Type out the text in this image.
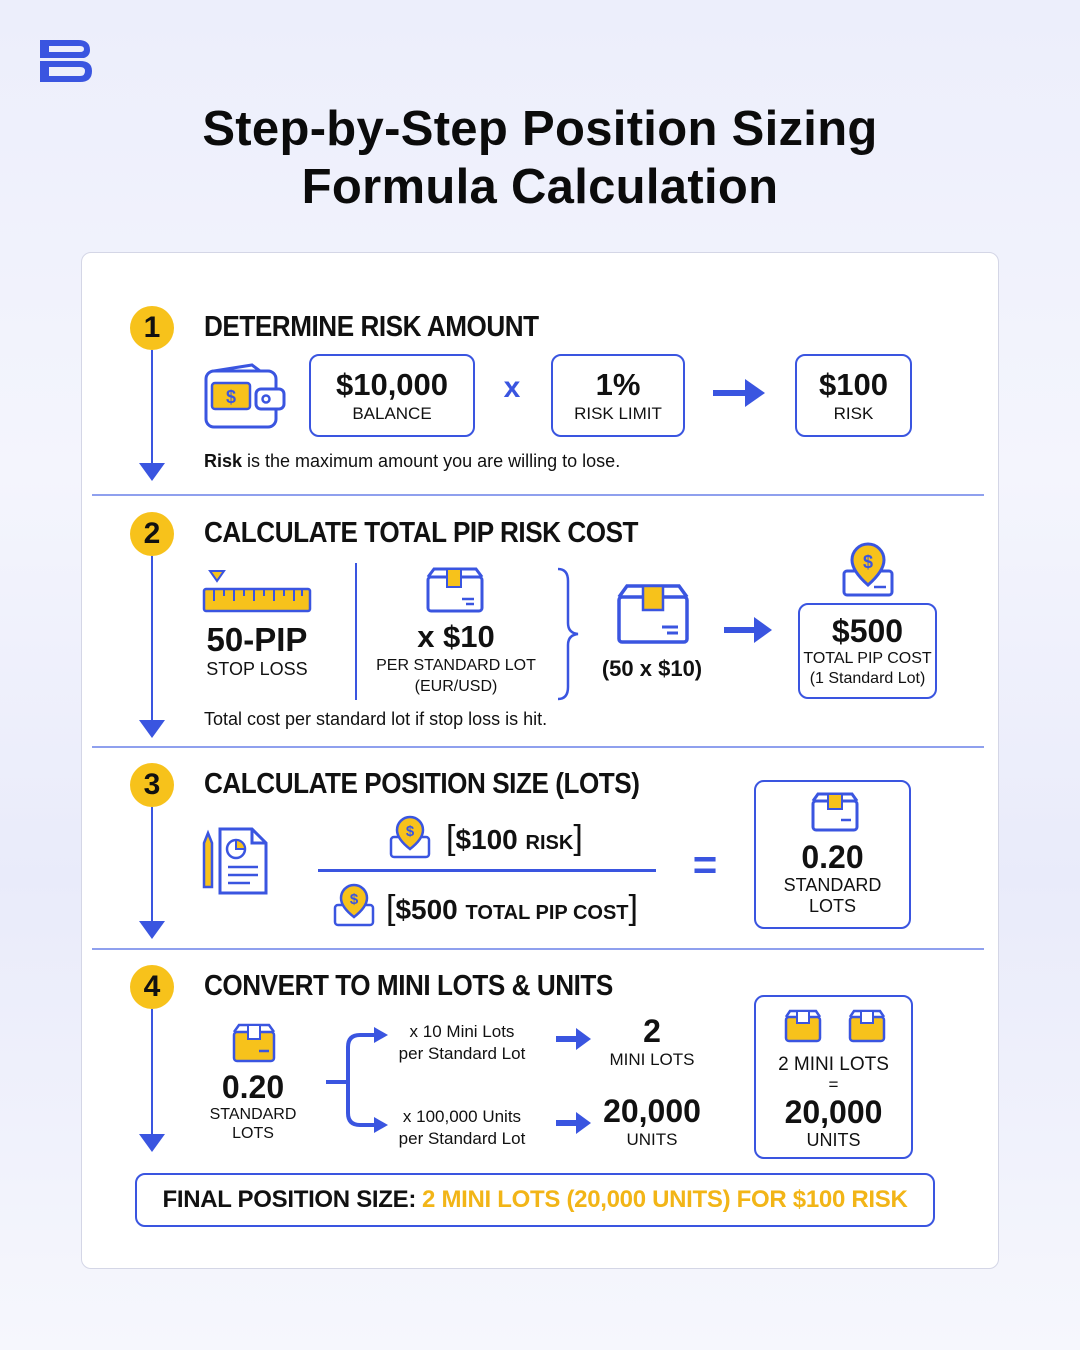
Step-by-Step Position Sizing
Formula Calculation
1	DETERMINE RISK AMOUNT
$	$10,000
BALANCE
x	1%
RISK LIMIT
$100
RISK
Risk is the maximum amount you are willing to lose.
2	CALCULATE TOTAL PIP RISK COST
50-PIP
STOP LOSS
x $10
PER STANDARD LOT
(EUR/USD)
(50 x $10)
$
$500
TOTAL PIP COST
(1 Standard Lot)
Total cost per standard lot if stop loss is hit.
3	CALCULATE POSITION SIZE (LOTS)
$ [$100 RISK]
$ [$500 TOTAL PIP COST]
=	0.20
STANDARD
LOTS
4	CONVERT TO MINI LOTS & UNITS
0.20
STANDARD
LOTS
x 10 Mini Lots
per Standard Lot
x 100,000 Units
per Standard Lot
2
MINI LOTS
20,000
UNITS
2 MINI LOTS
=
20,000
UNITS
FINAL POSITION SIZE: 2 MINI LOTS (20,000 UNITS) FOR $100 RISK
